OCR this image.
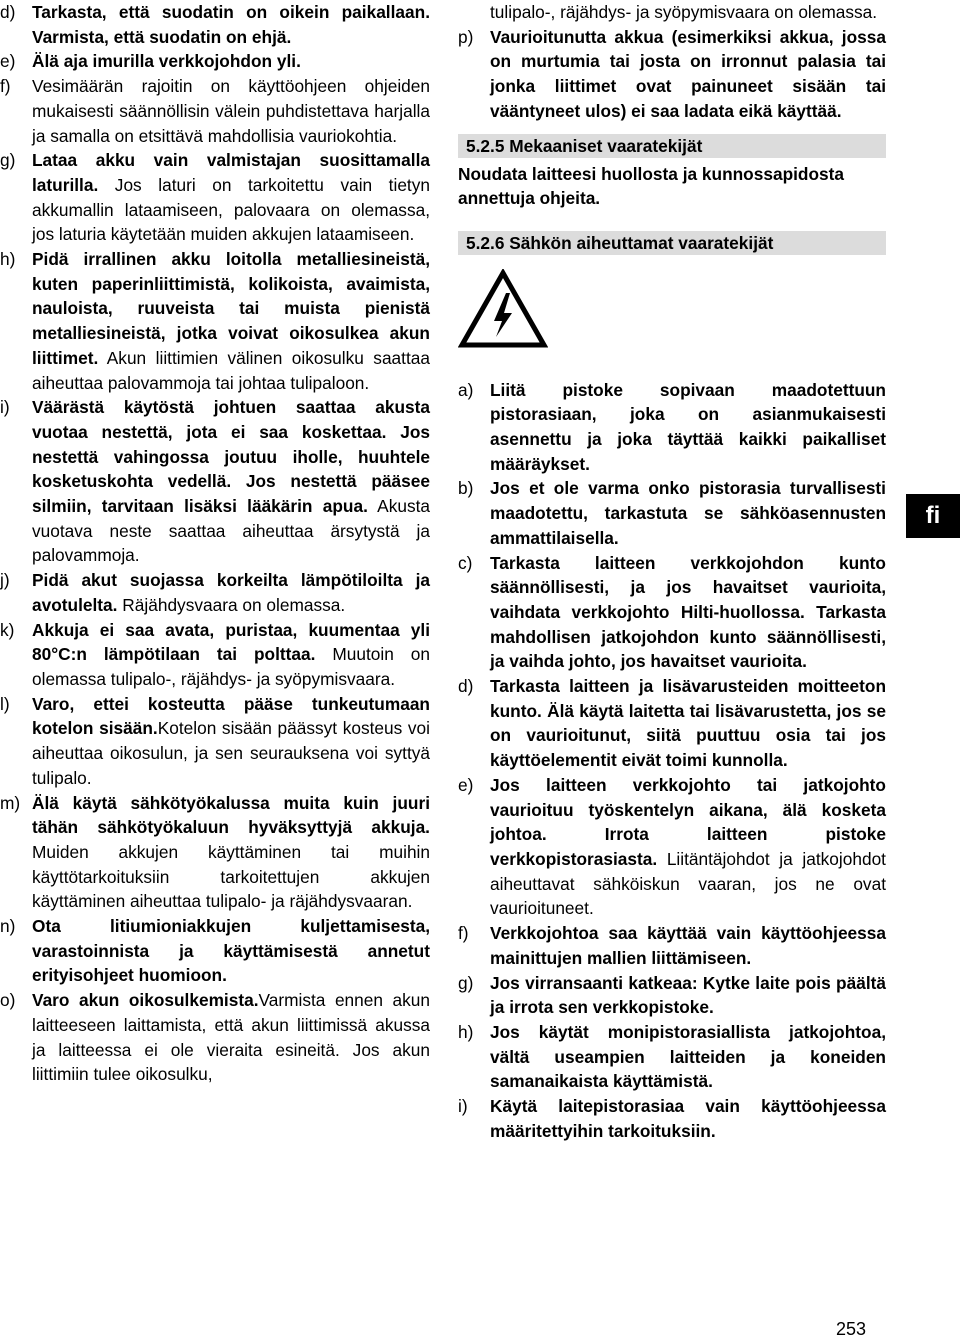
d) Tarkasta, että suodatin on oikein paikallaan. Varmista, että suodatin on ehjä.

e) Älä aja imurilla verkkojohdon yli.

f) Vesimäärän rajoitin on käyttöohjeen ohjeiden mukaisesti säännöllisin välein puhdistettava harjalla ja samalla on etsittävä mahdollisia vauriokohtia.

g) Lataa akku vain valmistajan suosittamalla laturilla. Jos laturi on tarkoitettu vain tietyn akkumallin lataamiseen, palovaara on olemassa, jos laturia käytetään muiden akkujen lataamiseen.

h) Pidä irrallinen akku loitolla metalliesineistä, kuten paperinliittimistä, kolikoista, avaimista, nauloista, ruuveista tai muista pienistä metalliesineistä, jotka voivat oikosulkea akun liittimet. Akun liittimien välinen oikosulku saattaa aiheuttaa palovammoja tai johtaa tulipaloon.

i) Väärästä käytöstä johtuen saattaa akusta vuotaa nestettä, jota ei saa koskettaa. Jos nestettä vahingossa joutuu iholle, huuhtele kosketuskohta vedellä. Jos nestettä pääsee silmiin, tarvitaan lisäksi lääkärin apua. Akusta vuotava neste saattaa aiheuttaa ärsytystä ja palovammoja.

j) Pidä akut suojassa korkeilta lämpötiloilta ja avotulelta. Räjähdysvaara on olemassa.

k) Akkuja ei saa avata, puristaa, kuumentaa yli 80°C:n lämpötilaan tai polttaa. Muutoin on olemassa tulipalo-, räjähdys- ja syöpymisvaara.

l) Varo, ettei kosteutta pääse tunkeutumaan kotelon sisään.Kotelon sisään päässyt kosteus voi aiheuttaa oikosulun, ja sen seurauksena voi syttyä tulipalo.

m) Älä käytä sähkötyökalussa muita kuin juuri tähän sähkötyökaluun hyväksyttyjä akkuja. Muiden akkujen käyttäminen tai muihin käyttötarkoituksiin tarkoitettujen akkujen käyttäminen aiheuttaa tulipalo- ja räjähdysvaaran.

n) Ota litiumioniakkujen kuljettamisesta, varastoinnista ja käyttämisestä annetut erityisohjeet huomioon.

o) Varo akun oikosulkemista.Varmista ennen akun laitteeseen laittamista, että akun liittimissä akussa ja laitteessa ei ole vieraita esineitä. Jos akun liittimiin tulee oikosulku,

tulipalo-, räjähdys- ja syöpymisvaara on olemassa.

p) Vaurioitunutta akkua (esimerkiksi akkua, jossa on murtumia tai josta on irronnut palasia tai jonka liittimet ovat painuneet sisään tai vääntyneet ulos) ei saa ladata eikä käyttää.

5.2.5 Mekaaniset vaaratekijät

Noudata laitteesi huollosta ja kunnossapidosta annettuja ohjeita.

5.2.6 Sähkön aiheuttamat vaaratekijät

a) Liitä pistoke sopivaan maadotettuun pistorasiaan, joka on asianmukaisesti asennettu ja joka täyttää kaikki paikalliset määräykset.

b) Jos et ole varma onko pistorasia turvallisesti maadotettu, tarkastuta se sähköasennusten ammattilaisella.

c) Tarkasta laitteen verkkojohdon kunto säännöllisesti, ja jos havaitset vaurioita, vaihdata verkkojohto Hilti-huollossa. Tarkasta mahdollisen jatkojohdon kunto säännöllisesti, ja vaihda johto, jos havaitset vaurioita.

d) Tarkasta laitteen ja lisävarusteiden moitteeton kunto. Älä käytä laitetta tai lisävarustetta, jos se on vaurioitunut, siitä puuttuu osia tai jos käyttöelementit eivät toimi kunnolla.

e) Jos laitteen verkkojohto tai jatkojohto vaurioituu työskentelyn aikana, älä kosketa johtoa. Irrota laitteen pistoke verkkopistorasiasta. Liitäntäjohdot ja jatkojohdot aiheuttavat sähköiskun vaaran, jos ne ovat vaurioituneet.

f) Verkkojohtoa saa käyttää vain käyttöohjeessa mainittujen mallien liittämiseen.

g) Jos virransaanti katkeaa: Kytke laite pois päältä ja irrota sen verkkopistoke.

h) Jos käytät monipistorasiallista jatkojohtoa, vältä useampien laitteiden ja koneiden samanaikaista käyttämistä.

i) Käytä laitepistorasiaa vain käyttöohjeessa määritettyihin tarkoituksiin.

fi
253
